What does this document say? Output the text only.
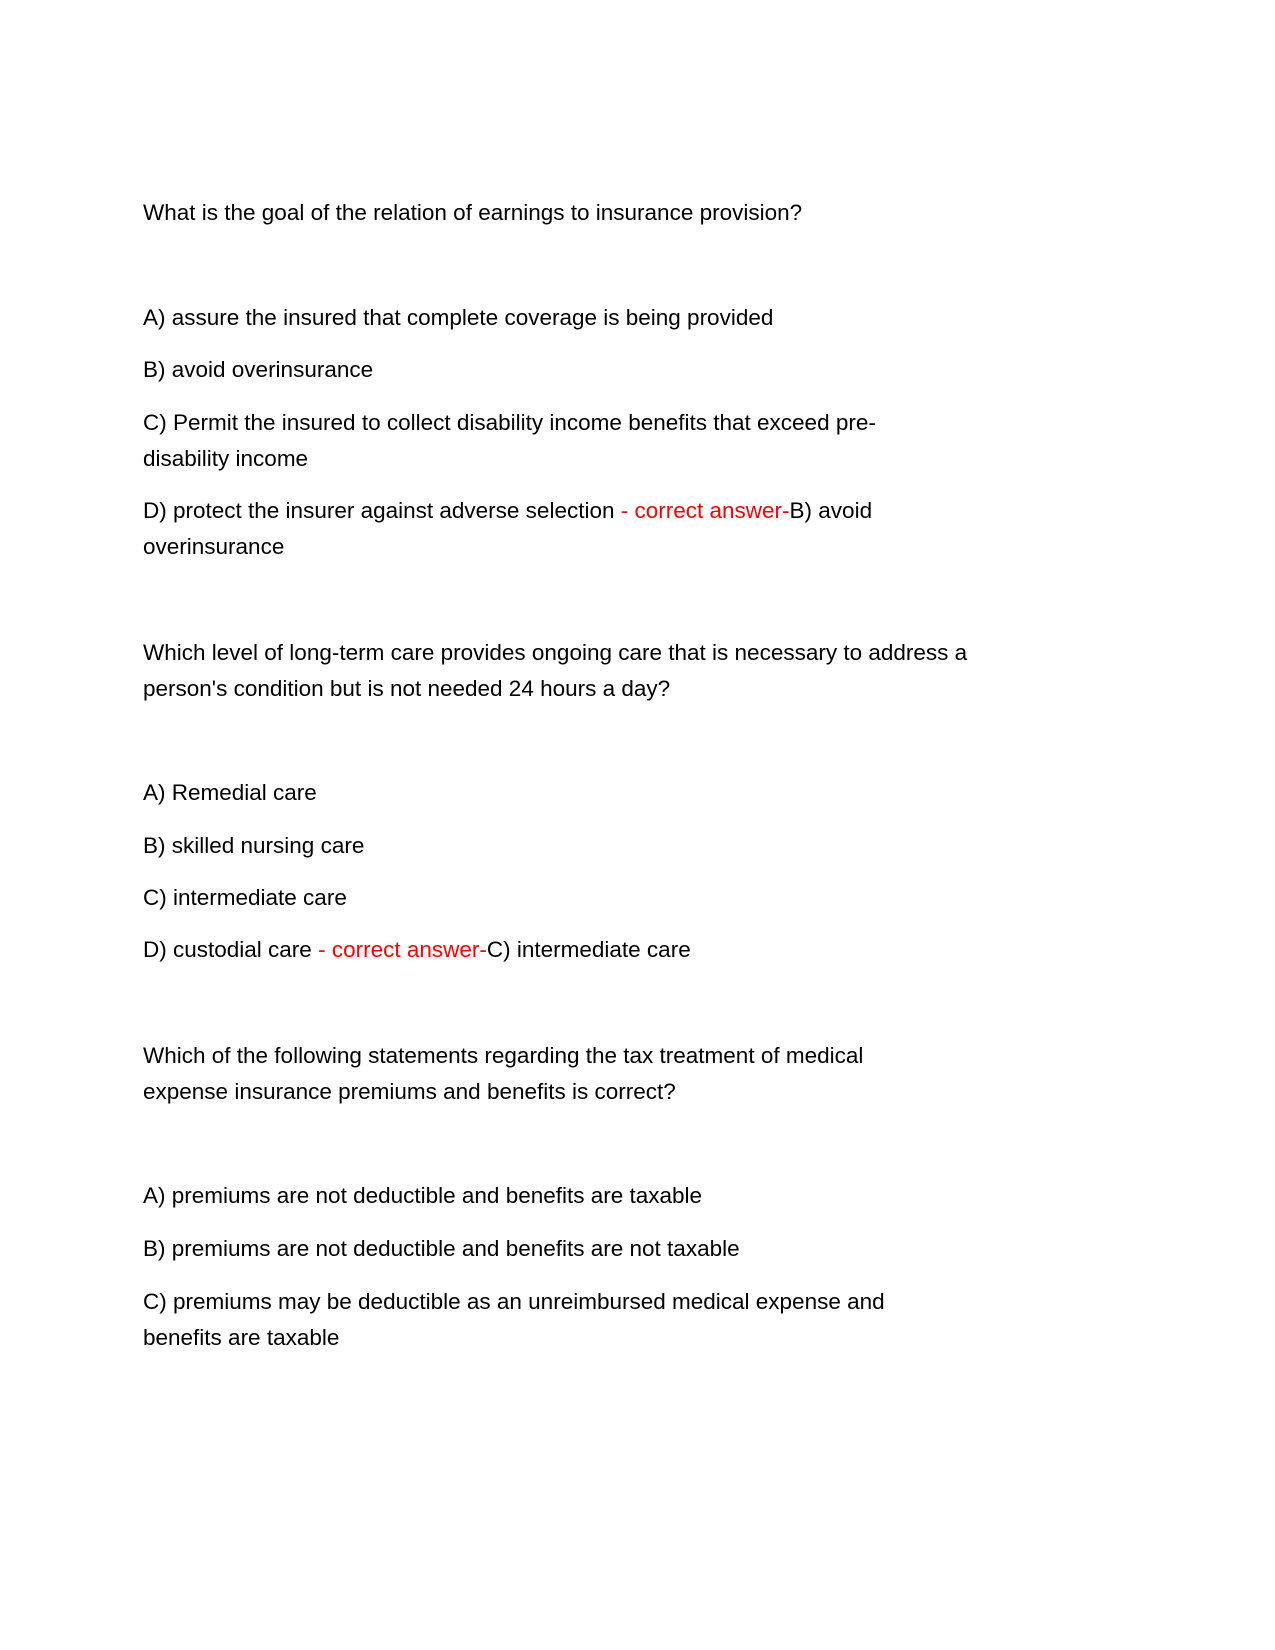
What is the goal of the relation of earnings to insurance provision?
A) assure the insured that complete coverage is being provided
B) avoid overinsurance
C) Permit the insured to collect disability income benefits that exceed pre-
disability income
D) protect the insurer against adverse selection - correct answer-B) avoid
overinsurance
Which level of long-term care provides ongoing care that is necessary to address a
person's condition but is not needed 24 hours a day?
A) Remedial care
B) skilled nursing care
C) intermediate care
D) custodial care - correct answer-C) intermediate care
Which of the following statements regarding the tax treatment of medical
expense insurance premiums and benefits is correct?
A) premiums are not deductible and benefits are taxable
B) premiums are not deductible and benefits are not taxable
C) premiums may be deductible as an unreimbursed medical expense and
benefits are taxable
